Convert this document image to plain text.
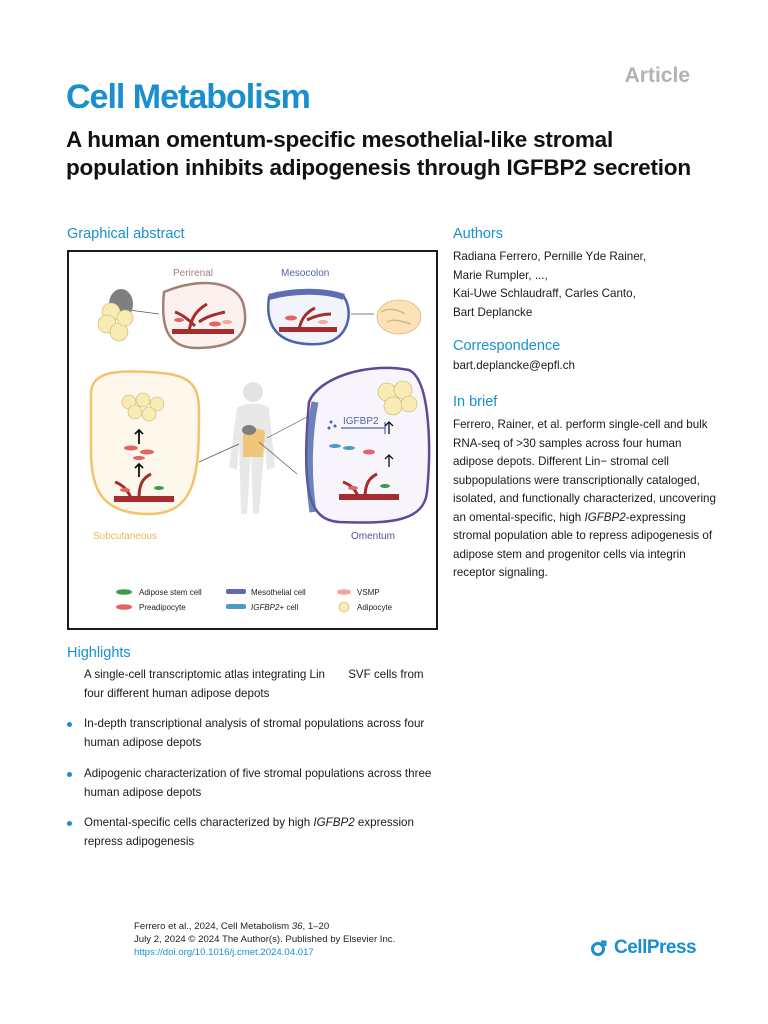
Article
Cell Metabolism
A human omentum-specific mesothelial-like stromal population inhibits adipogenesis through IGFBP2 secretion
Graphical abstract
IGFBP2
Perirenal	Mesocolon
Subcutaneous	Omentum
Adipose stem cell
Preadipocyte
Mesothelial cell
IGFBP2+ cell
VSMP
Adipocyte
Authors
Radiana Ferrero, Pernille Yde Rainer,
Marie Rumpler, ...,
Kai-Uwe Schlaudraff, Carles Canto,
Bart Deplancke
Correspondence
bart.deplancke@epfl.ch
In brief
Ferrero, Rainer, et al. perform single-cell and bulk RNA-seq of >30 samples across four human adipose depots. Different Lin− stromal cell subpopulations were transcriptionally cataloged, isolated, and functionally characterized, uncovering an omental-specific, high IGFBP2-expressing stromal population able to repress adipogenesis of adipose stem and progenitor cells via integrin receptor signaling.
Highlights
A single-cell transcriptomic atlas integrating Lin  SVF cells from four different human adipose depots
In-depth transcriptional analysis of stromal populations across four human adipose depots
Adipogenic characterization of five stromal populations across three human adipose depots
Omental-specific cells characterized by high IGFBP2 expression repress adipogenesis
Ferrero et al., 2024, Cell Metabolism 36, 1–20
July 2, 2024 © 2024 The Author(s). Published by Elsevier Inc.
https://doi.org/10.1016/j.cmet.2024.04.017	CellPress
